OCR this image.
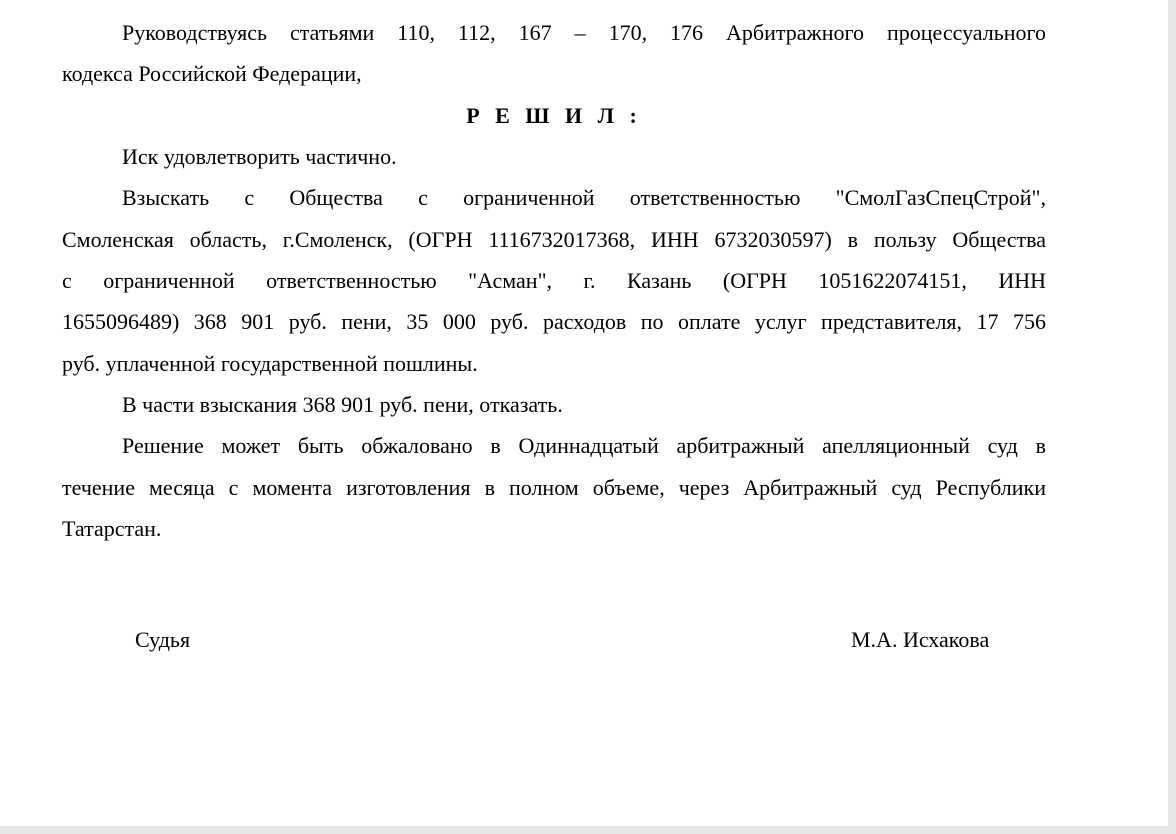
Руководствуясь статьями 110, 112, 167 – 170, 176 Арбитражного процессуального
кодекса Российской Федерации,
Р Е Ш И Л :
Иск удовлетворить частично.
Взыскать с Общества с ограниченной ответственностью "СмолГазСпецСтрой",
Смоленская область, г.Смоленск, (ОГРН 1116732017368, ИНН 6732030597) в пользу Общества
с ограниченной ответственностью "Асман", г. Казань (ОГРН 1051622074151, ИНН
1655096489) 368 901 руб. пени, 35 000 руб. расходов по оплате услуг представителя, 17 756
руб. уплаченной государственной пошлины.
В части взыскания 368 901 руб. пени, отказать.
Решение может быть обжаловано в Одиннадцатый арбитражный апелляционный суд в
течение месяца с момента изготовления в полном объеме, через Арбитражный суд Республики
Татарстан.
Судья	М.А. Исхакова
